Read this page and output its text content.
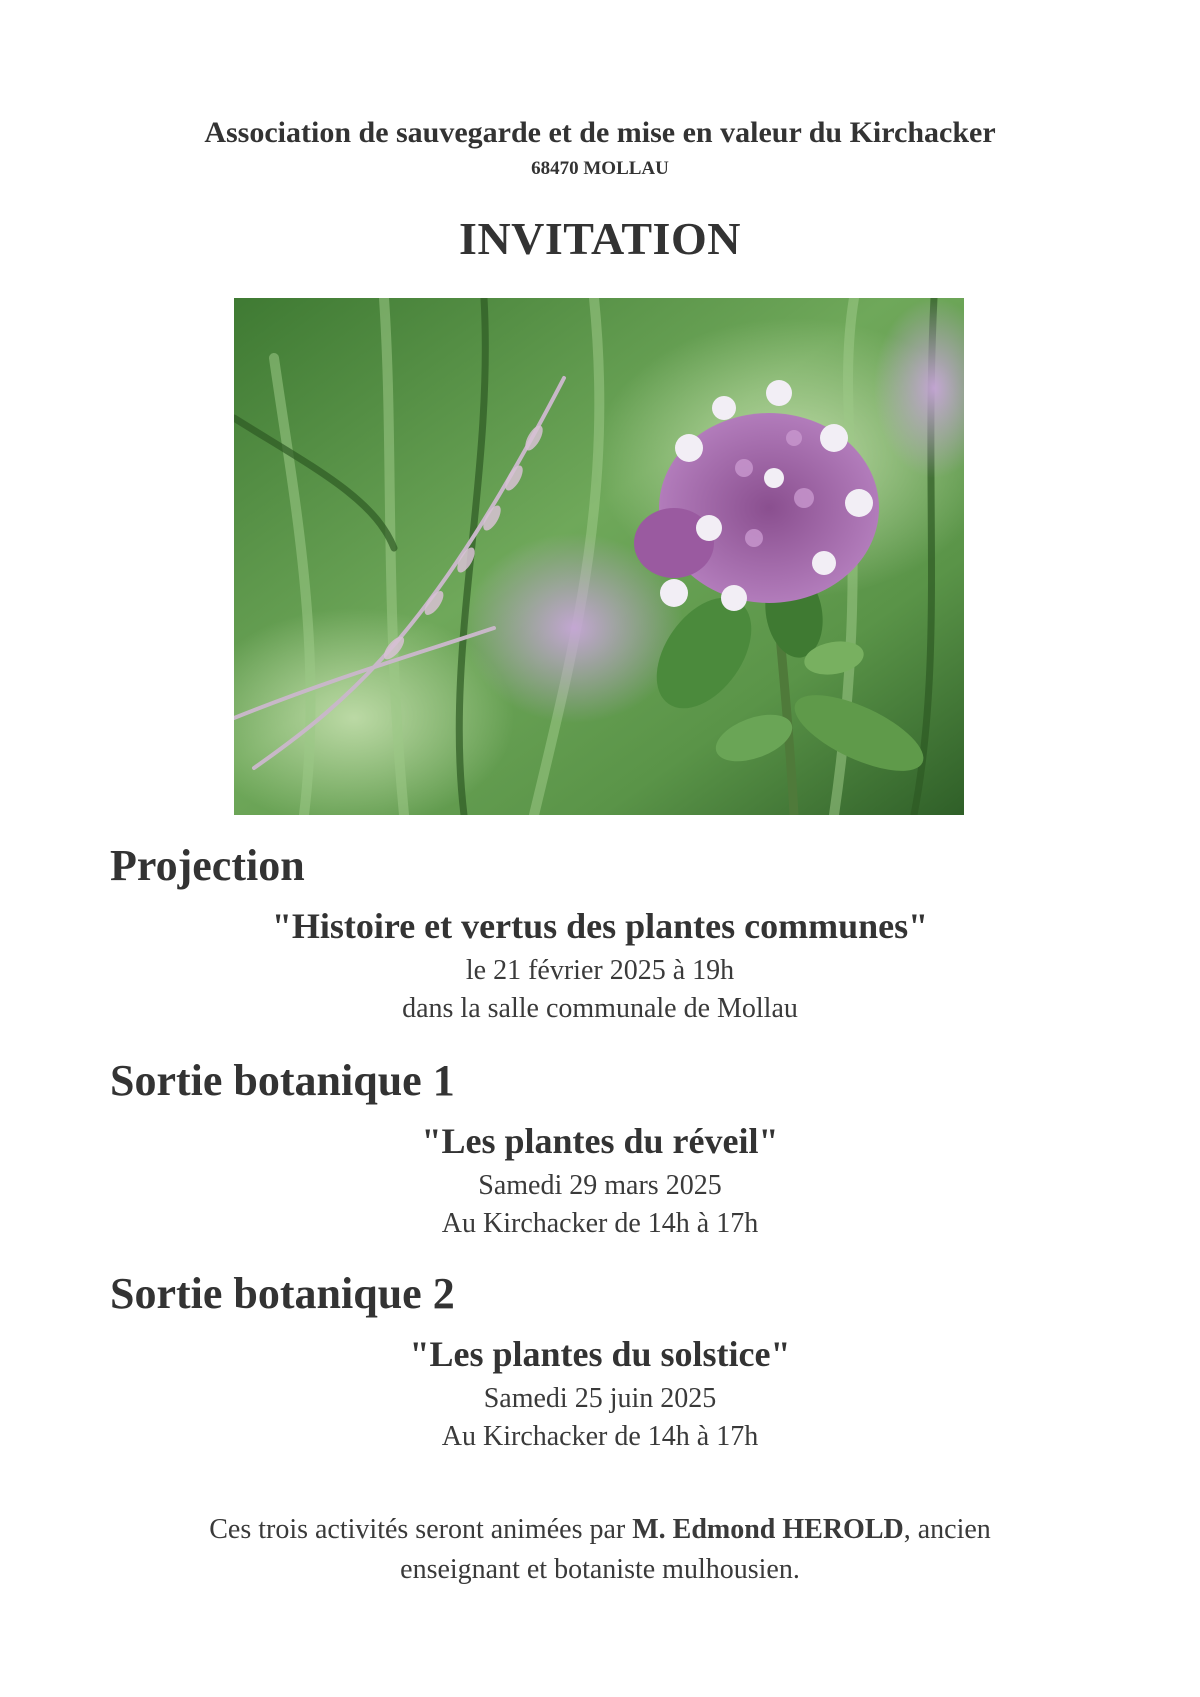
Association de sauvegarde et de mise en valeur du Kirchacker
68470 MOLLAU
INVITATION
Projection
"Histoire et vertus des plantes communes"
le 21 février 2025 à 19h
dans la salle communale de Mollau
Sortie botanique 1
"Les plantes du réveil"
Samedi 29 mars 2025
Au Kirchacker de 14h à 17h
Sortie botanique 2
"Les plantes du solstice"
Samedi 25 juin 2025
Au Kirchacker de 14h à 17h
Ces trois activités seront animées par M. Edmond HEROLD, ancien
enseignant et botaniste mulhousien.
